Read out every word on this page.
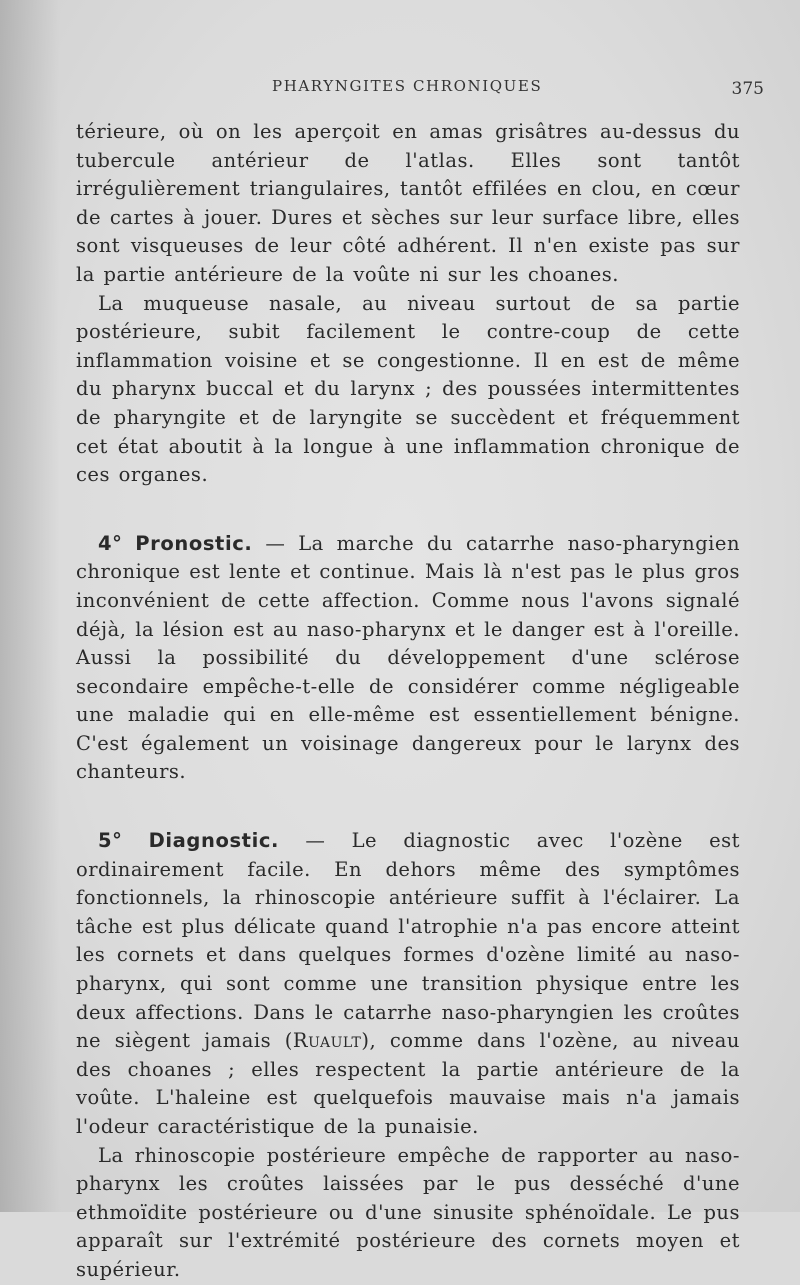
PHARYNGITES CHRONIQUES	375

térieure, où on les aperçoit en amas grisâtres au-dessus du tubercule antérieur de l'atlas. Elles sont tantôt irrégulièrement triangulaires, tantôt effilées en clou, en cœur de cartes à jouer. Dures et sèches sur leur surface libre, elles sont visqueuses de leur côté adhérent. Il n'en existe pas sur la partie antérieure de la voûte ni sur les choanes.

La muqueuse nasale, au niveau surtout de sa partie postérieure, subit facilement le contre-coup de cette inflammation voisine et se congestionne. Il en est de même du pharynx buccal et du larynx ; des poussées intermittentes de pharyngite et de laryngite se succèdent et fréquemment cet état aboutit à la longue à une inflammation chronique de ces organes.

4° Pronostic. — La marche du catarrhe naso-pharyngien chronique est lente et continue. Mais là n'est pas le plus gros inconvénient de cette affection. Comme nous l'avons signalé déjà, la lésion est au naso-pharynx et le danger est à l'oreille. Aussi la possibilité du développement d'une sclérose secondaire empêche-t-elle de considérer comme négligeable une maladie qui en elle-même est essentiellement bénigne. C'est également un voisinage dangereux pour le larynx des chanteurs.

5° Diagnostic. — Le diagnostic avec l'ozène est ordinairement facile. En dehors même des symptômes fonctionnels, la rhinoscopie antérieure suffit à l'éclairer. La tâche est plus délicate quand l'atrophie n'a pas encore atteint les cornets et dans quelques formes d'ozène limité au naso-pharynx, qui sont comme une transition physique entre les deux affections. Dans le catarrhe naso-pharyngien les croûtes ne siègent jamais (Ruault), comme dans l'ozène, au niveau des choanes ; elles respectent la partie antérieure de la voûte. L'haleine est quelquefois mauvaise mais n'a jamais l'odeur caractéristique de la punaisie.

La rhinoscopie postérieure empêche de rapporter au naso-pharynx les croûtes laissées par le pus desséché d'une ethmoïdite postérieure ou d'une sinusite sphénoïdale. Le pus apparaît sur l'extrémité postérieure des cornets moyen et supérieur.
